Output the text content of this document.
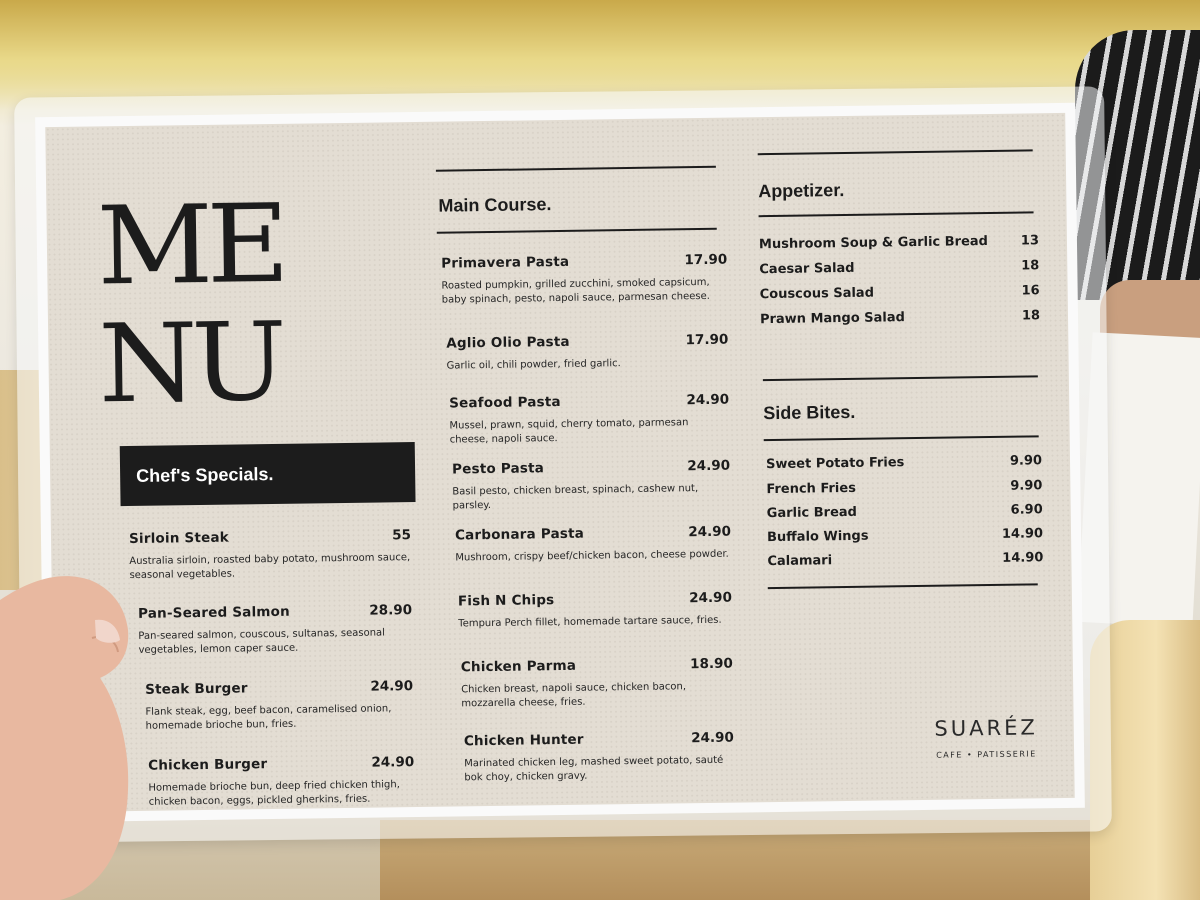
ME
NU
Chef's Specials.
Sirloin Steak	55
Australia sirloin, roasted baby potato, mushroom sauce, seasonal vegetables.
Pan-Seared Salmon	28.90
Pan-seared salmon, couscous, sultanas, seasonal vegetables, lemon caper sauce.
Steak Burger	24.90
Flank steak, egg, beef bacon, caramelised onion, homemade brioche bun, fries.
Chicken Burger	24.90
Homemade brioche bun, deep fried chicken thigh, chicken bacon, eggs, pickled gherkins, fries.
Main Course.
Primavera Pasta	17.90
Roasted pumpkin, grilled zucchini, smoked capsicum, baby spinach, pesto, napoli sauce, parmesan cheese.
Aglio Olio Pasta	17.90
Garlic oil, chili powder, fried garlic.
Seafood Pasta	24.90
Mussel, prawn, squid, cherry tomato, parmesan cheese, napoli sauce.
Pesto Pasta	24.90
Basil pesto, chicken breast, spinach, cashew nut, parsley.
Carbonara Pasta	24.90
Mushroom, crispy beef/chicken bacon, cheese powder.
Fish N Chips	24.90
Tempura Perch fillet, homemade tartare sauce, fries.
Chicken Parma	18.90
Chicken breast, napoli sauce, chicken bacon, mozzarella cheese, fries.
Chicken Hunter	24.90
Marinated chicken leg, mashed sweet potato, sauté bok choy, chicken gravy.
Appetizer.
Mushroom Soup & Garlic Bread	13
Caesar Salad	18
Couscous Salad	16
Prawn Mango Salad	18
Side Bites.
Sweet Potato Fries	9.90
French Fries	9.90
Garlic Bread	6.90
Buffalo Wings	14.90
Calamari	14.90
SUARÉZ
CAFE • PATISSERIE
